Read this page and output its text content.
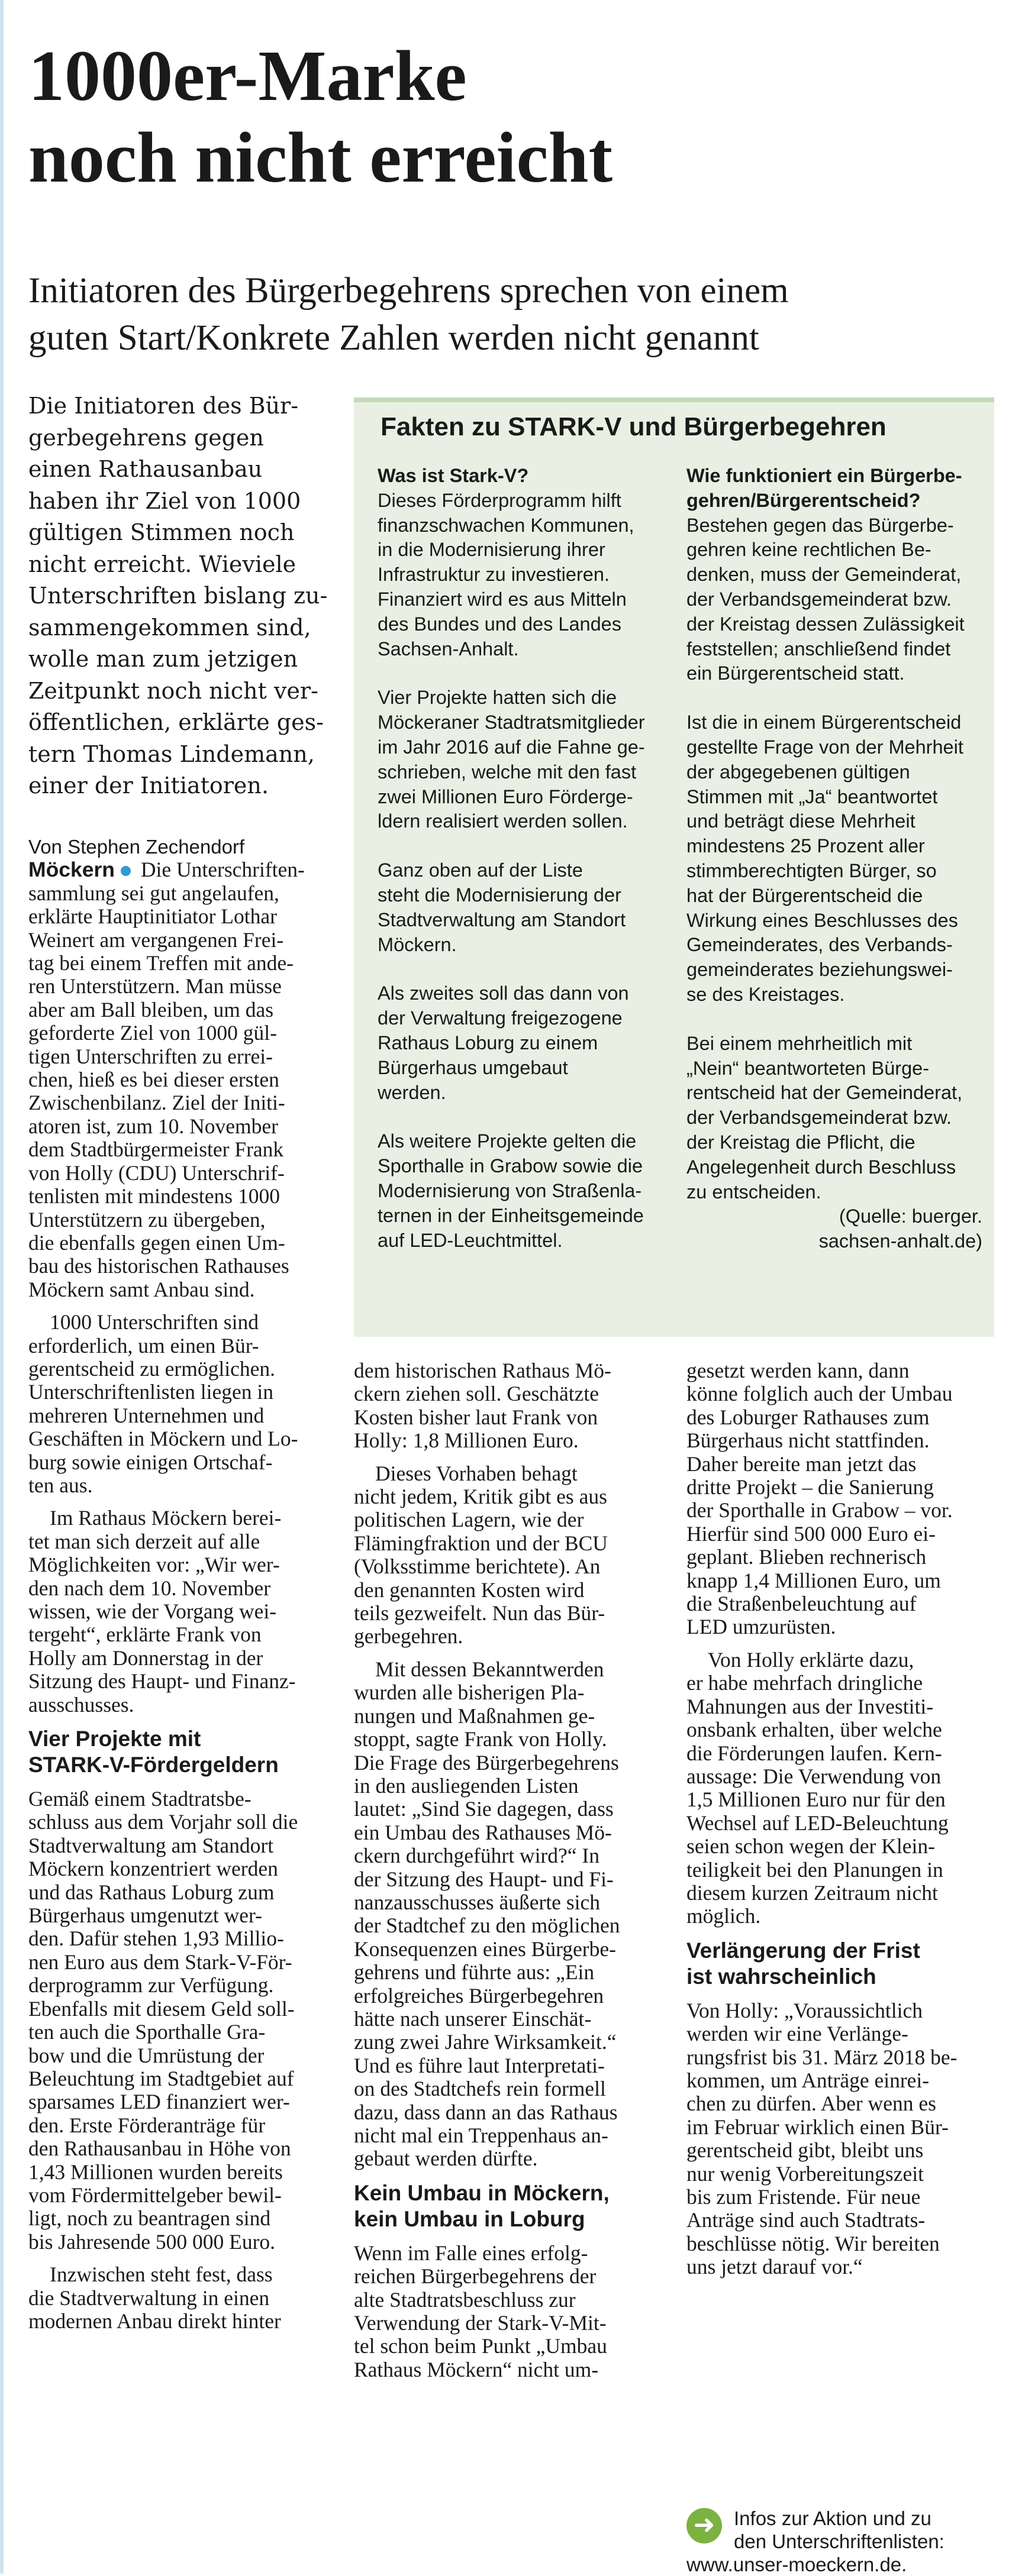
1000er-Marke
noch nicht erreicht

Initiatoren des Bürgerbegehrens sprechen von einem
guten Start/Konkrete Zahlen werden nicht genannt

Die Initiatoren des Bür-
gerbegehrens gegen
einen Rathausanbau
haben ihr Ziel von 1000
gültigen Stimmen noch
nicht erreicht. Wieviele
Unterschriften bislang zu-
sammengekommen sind,
wolle man zum jetzigen
Zeitpunkt noch nicht ver-
öffentlichen, erklärte ges-
tern Thomas Lindemann,
einer der Initiatoren.
Von Stephen Zechendorf
Möckern Die Unterschriften-
sammlung sei gut angelaufen,
erklärte Hauptinitiator Lothar
Weinert am vergangenen Frei-
tag bei einem Treffen mit ande-
ren Unterstützern. Man müsse
aber am Ball bleiben, um das
geforderte Ziel von 1000 gül-
tigen Unterschriften zu errei-
chen, hieß es bei dieser ersten
Zwischenbilanz. Ziel der Initi-
atoren ist, zum 10. November
dem Stadtbürgermeister Frank
von Holly (CDU) Unterschrif-
tenlisten mit mindestens 1000
Unterstützern zu übergeben,
die ebenfalls gegen einen Um-
bau des historischen Rathauses
Möckern samt Anbau sind.
1000 Unterschriften sind
erforderlich, um einen Bür-
gerentscheid zu ermöglichen.
Unterschriftenlisten liegen in
mehreren Unternehmen und
Geschäften in Möckern und Lo-
burg sowie einigen Ortschaf-
ten aus.
Im Rathaus Möckern berei-
tet man sich derzeit auf alle
Möglichkeiten vor: „Wir wer-
den nach dem 10. November
wissen, wie der Vorgang wei-
tergeht“, erklärte Frank von
Holly am Donnerstag in der
Sitzung des Haupt- und Finanz-
ausschusses.
Vier Projekte mit
STARK-V-Fördergeldern
Gemäß einem Stadtratsbe-
schluss aus dem Vorjahr soll die
Stadtverwaltung am Standort
Möckern konzentriert werden
und das Rathaus Loburg zum
Bürgerhaus umgenutzt wer-
den. Dafür stehen 1,93 Millio-
nen Euro aus dem Stark-V-För-
derprogramm zur Verfügung.
Ebenfalls mit diesem Geld soll-
ten auch die Sporthalle Gra-
bow und die Umrüstung der
Beleuchtung im Stadtgebiet auf
sparsames LED finanziert wer-
den. Erste Förderanträge für
den Rathausanbau in Höhe von
1,43 Millionen wurden bereits
vom Fördermittelgeber bewil-
ligt, noch zu beantragen sind
bis Jahresende 500 000 Euro.
Inzwischen steht fest, dass
die Stadtverwaltung in einen
modernen Anbau direkt hinter
dem historischen Rathaus Mö-
ckern ziehen soll. Geschätzte
Kosten bisher laut Frank von
Holly: 1,8 Millionen Euro.
Dieses Vorhaben behagt
nicht jedem, Kritik gibt es aus
politischen Lagern, wie der
Flämingfraktion und der BCU
(Volksstimme berichtete). An
den genannten Kosten wird
teils gezweifelt. Nun das Bür-
gerbegehren.
Mit dessen Bekanntwerden
wurden alle bisherigen Pla-
nungen und Maßnahmen ge-
stoppt, sagte Frank von Holly.
Die Frage des Bürgerbegehrens
in den ausliegenden Listen
lautet: „Sind Sie dagegen, dass
ein Umbau des Rathauses Mö-
ckern durchgeführt wird?“ In
der Sitzung des Haupt- und Fi-
nanzausschusses äußerte sich
der Stadtchef zu den möglichen
Konsequenzen eines Bürgerbe-
gehrens und führte aus: „Ein
erfolgreiches Bürgerbegehren
hätte nach unserer Einschät-
zung zwei Jahre Wirksamkeit.“
Und es führe laut Interpretati-
on des Stadtchefs rein formell
dazu, dass dann an das Rathaus
nicht mal ein Treppenhaus an-
gebaut werden dürfte.
Kein Umbau in Möckern,
kein Umbau in Loburg
Wenn im Falle eines erfolg-
reichen Bürgerbegehrens der
alte Stadtratsbeschluss zur
Verwendung der Stark-V-Mit-
tel schon beim Punkt „Umbau
Rathaus Möckern“ nicht um-
gesetzt werden kann, dann
könne folglich auch der Umbau
des Loburger Rathauses zum
Bürgerhaus nicht stattfinden.
Daher bereite man jetzt das
dritte Projekt – die Sanierung
der Sporthalle in Grabow – vor.
Hierfür sind 500 000 Euro ei-
geplant. Blieben rechnerisch
knapp 1,4 Millionen Euro, um
die Straßenbeleuchtung auf
LED umzurüsten.
Von Holly erklärte dazu,
er habe mehrfach dringliche
Mahnungen aus der Investiti-
onsbank erhalten, über welche
die Förderungen laufen. Kern-
aussage: Die Verwendung von
1,5 Millionen Euro nur für den
Wechsel auf LED-Beleuchtung
seien schon wegen der Klein-
teiligkeit bei den Planungen in
diesem kurzen Zeitraum nicht
möglich.
Verlängerung der Frist
ist wahrscheinlich
Von Holly: „Voraussichtlich
werden wir eine Verlänge-
rungsfrist bis 31. März 2018 be-
kommen, um Anträge einrei-
chen zu dürfen. Aber wenn es
im Februar wirklich einen Bür-
gerentscheid gibt, bleibt uns
nur wenig Vorbereitungszeit
bis zum Fristende. Für neue
Anträge sind auch Stadtrats-
beschlüsse nötig. Wir bereiten
uns jetzt darauf vor.“
Fakten zu STARK-V und Bürgerbegehren
Was ist Stark-V?
Dieses Förderprogramm hilft
finanzschwachen Kommunen,
in die Modernisierung ihrer
Infrastruktur zu investieren.
Finanziert wird es aus Mitteln
des Bundes und des Landes
Sachsen-Anhalt.
Vier Projekte hatten sich die
Möckeraner Stadtratsmitglieder
im Jahr 2016 auf die Fahne ge-
schrieben, welche mit den fast
zwei Millionen Euro Förderge-
ldern realisiert werden sollen.
Ganz oben auf der Liste
steht die Modernisierung der
Stadtverwaltung am Standort
Möckern.
Als zweites soll das dann von
der Verwaltung freigezogene
Rathaus Loburg zu einem
Bürgerhaus umgebaut
werden.
Als weitere Projekte gelten die
Sporthalle in Grabow sowie die
Modernisierung von Straßenla-
ternen in der Einheitsgemeinde
auf LED-Leuchtmittel.
Wie funktioniert ein Bürgerbe-
gehren/Bürgerentscheid?
Bestehen gegen das Bürgerbe-
gehren keine rechtlichen Be-
denken, muss der Gemeinderat,
der Verbandsgemeinderat bzw.
der Kreistag dessen Zulässigkeit
feststellen; anschließend findet
ein Bürgerentscheid statt.
Ist die in einem Bürgerentscheid
gestellte Frage von der Mehrheit
der abgegebenen gültigen
Stimmen mit „Ja“ beantwortet
und beträgt diese Mehrheit
mindestens 25 Prozent aller
stimmberechtigten Bürger, so
hat der Bürgerentscheid die
Wirkung eines Beschlusses des
Gemeinderates, des Verbands-
gemeinderates beziehungswei-
se des Kreistages.
Bei einem mehrheitlich mit
„Nein“ beantworteten Bürge-
rentscheid hat der Gemeinderat,
der Verbandsgemeinderat bzw.
der Kreistag die Pflicht, die
Angelegenheit durch Beschluss
zu entscheiden.
(Quelle: buerger.
sachsen-anhalt.de)
➜ Infos zur Aktion und zu
den Unterschriftenlisten:
www.unser-moeckern.de.
